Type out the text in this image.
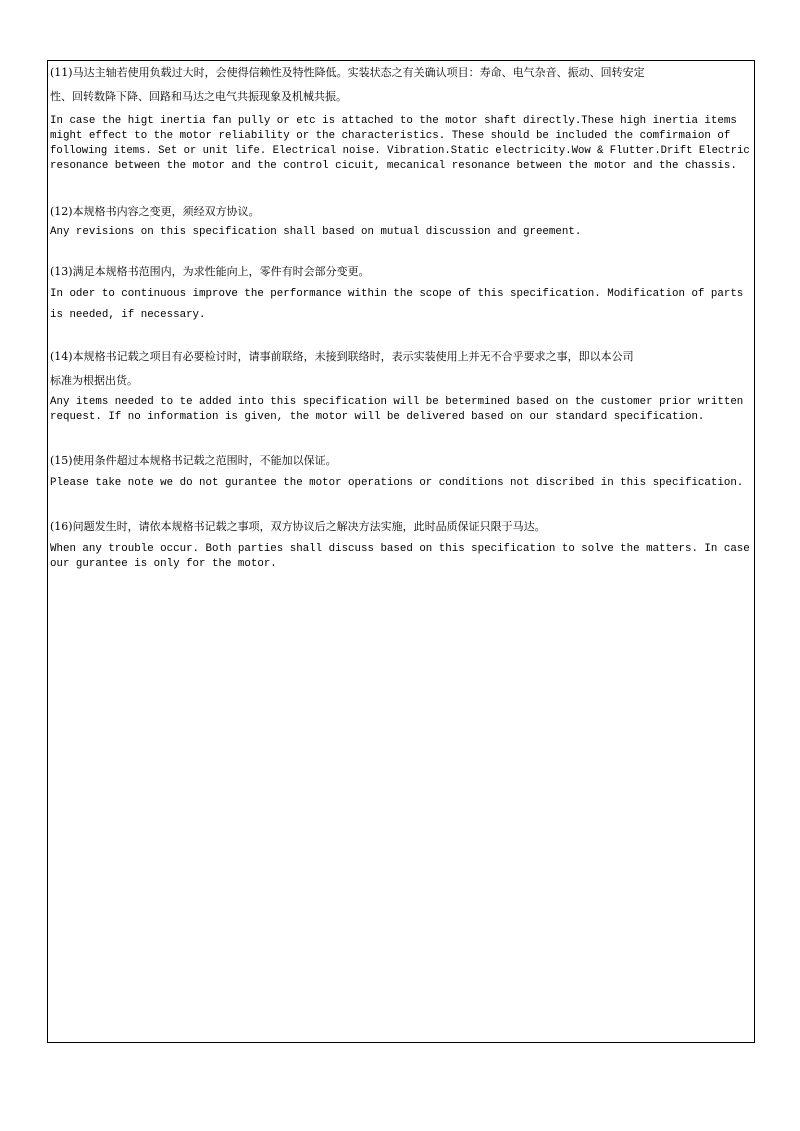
(11)马达主轴若使用负载过大时，会使得信赖性及特性降低。实装状态之有关确认项目：寿命、电气杂音、振动、回转安定
性、回转数降下降、回路和马达之电气共振现象及机械共振。
In case the higt inertia fan pully or etc is attached to the motor shaft directly.These high inertia items
might effect to the motor reliability or the characteristics. These should be included the comfirmaion of
following items. Set or unit life. Electrical noise. Vibration.Static electricity.Wow & Flutter.Drift Electric
resonance between the motor and the control cicuit, mecanical resonance between the motor and the chassis.
(12)本规格书内容之变更，须经双方协议。
Any revisions on this specification shall based on mutual discussion and greement.
(13)满足本规格书范围内，为求性能向上，零件有时会部分变更。
In oder to continuous improve the performance within the scope of this specification. Modification of parts
is needed, if necessary.
(14)本规格书记载之项目有必要检讨时，请事前联络，未接到联络时，表示实装使用上并无不合乎要求之事，即以本公司
标准为根据出货。
Any items needed to te added into this specification will be betermined based on the customer prior written
request. If no information is given, the motor will be delivered based on our standard specification.
(15)使用条件超过本规格书记载之范围时，不能加以保证。
Please take note we do not gurantee the motor operations or conditions not discribed in this specification.
(16)问题发生时，请依本规格书记载之事项，双方协议后之解决方法实施，此时品质保证只限于马达。
When any trouble occur. Both parties shall discuss based on this specification to solve the matters. In case
our gurantee is only for the motor.
